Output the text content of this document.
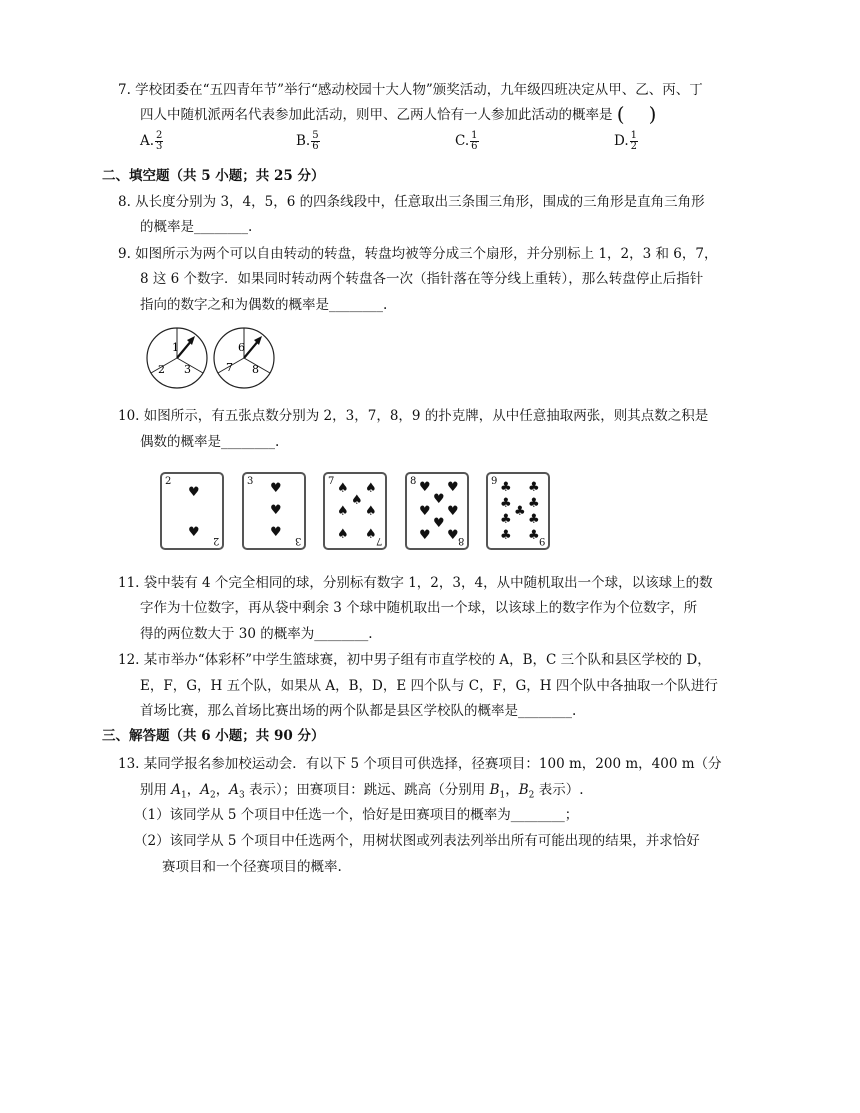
7. 学校团委在“五四青年节”举行“感动校园十大人物”颁奖活动，九年级四班决定从甲、乙、丙、丁
四人中随机派两名代表参加此活动，则甲、乙两人恰有一人参加此活动的概率是 ( )
A. $\frac{2}{3}$	B. $\frac{5}{6}$	C. $\frac{1}{6}$	D. $\frac{1}{2}$
二、填空题（共 5 小题；共 25 分）
8. 从长度分别为 3，4，5，6 的四条线段中，任意取出三条围三角形，围成的三角形是直角三角形
的概率是________.
9. 如图所示为两个可以自由转动的转盘，转盘均被等分成三个扇形，并分别标上 1，2，3 和 6，7，
8 这 6 个数字．如果同时转动两个转盘各一次（指针落在等分线上重转），那么转盘停止后指针
指向的数字之和为偶数的概率是________.
1
2 3
6
7 8
10. 如图所示，有五张点数分别为 2，3，7，8，9 的扑克牌，从中任意抽取两张，则其点数之积是
偶数的概率是________.
2
♥
♥
2
3 ♥
♥
♥
3
7 ♠ ♠
♠
♠ ♠
♠ ♠
7
8 ♥ ♥
♥
♥ ♥
♥
♥ ♥
8
9 ♣ ♣
♣ ♣
♣
♣ ♣
♣ ♣
9
11. 袋中装有 4 个完全相同的球，分别标有数字 1，2，3，4，从中随机取出一个球，以该球上的数
字作为十位数字，再从袋中剩余 3 个球中随机取出一个球，以该球上的数字作为个位数字，所
得的两位数大于 30 的概率为________.
12. 某市举办“体彩杯”中学生篮球赛，初中男子组有市直学校的 A，B，C 三个队和县区学校的 D，
E，F，G，H 五个队，如果从 A，B，D，E 四个队与 C，F，G，H 四个队中各抽取一个队进行
首场比赛，那么首场比赛出场的两个队都是县区学校队的概率是________.
三、解答题（共 6 小题；共 90 分）
13. 某同学报名参加校运动会．有以下 5 个项目可供选择，径赛项目：100 m，200 m，400 m（分
别用 $A_1$，$A_2$，$A_3$ 表示）；田赛项目：跳远、跳高（分别用 $B_1$，$B_2$ 表示）.
（1）该同学从 5 个项目中任选一个，恰好是田赛项目的概率为________；
（2）该同学从 5 个项目中任选两个，用树状图或列表法列举出所有可能出现的结果，并求恰好
赛项目和一个径赛项目的概率.
